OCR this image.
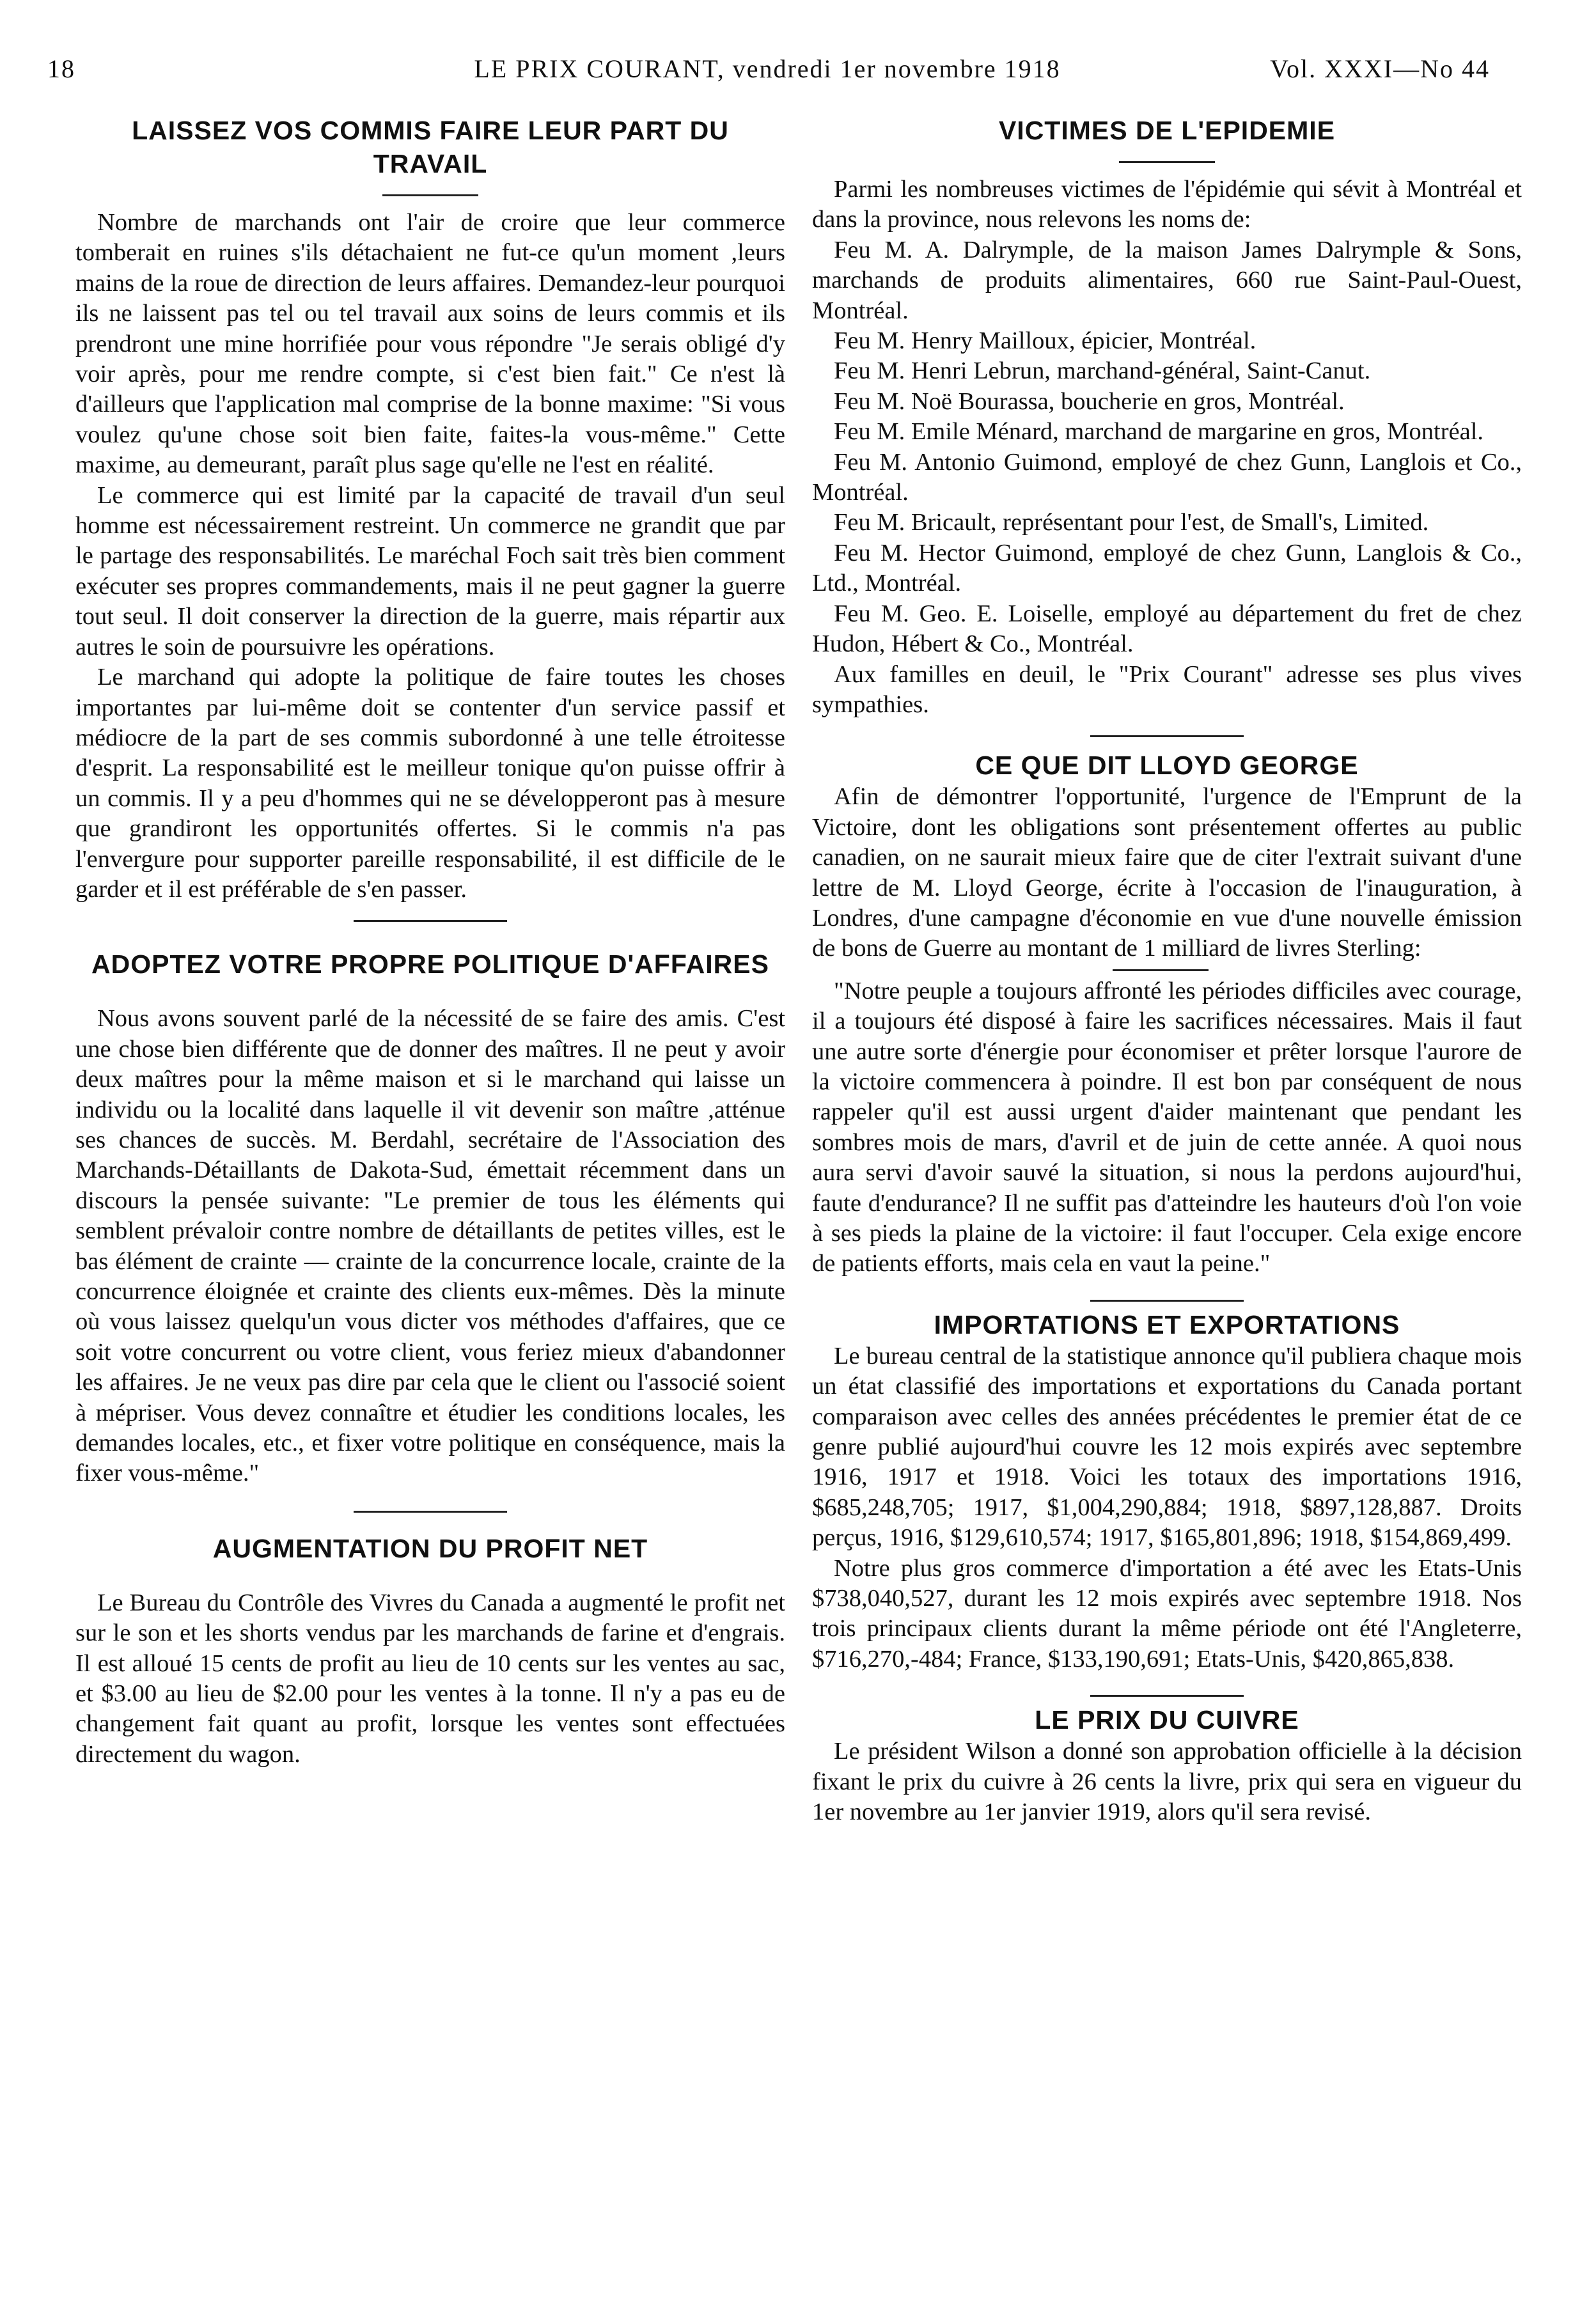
18	LE PRIX COURANT, vendredi 1er novembre 1918	Vol. XXXI—No 44
LAISSEZ VOS COMMIS FAIRE LEUR PART DU TRAVAIL

Nombre de marchands ont l'air de croire que leur commerce tomberait en ruines s'ils détachaient ne fut-ce qu'un moment ,leurs mains de la roue de direction de leurs affaires. Demandez-leur pourquoi ils ne laissent pas tel ou tel travail aux soins de leurs commis et ils prendront une mine horrifiée pour vous répondre "Je serais obligé d'y voir après, pour me rendre compte, si c'est bien fait." Ce n'est là d'ailleurs que l'application mal comprise de la bonne maxime: "Si vous voulez qu'une chose soit bien faite, faites-la vous-même." Cette maxime, au demeurant, paraît plus sage qu'elle ne l'est en réalité.

Le commerce qui est limité par la capacité de travail d'un seul homme est nécessairement restreint. Un commerce ne grandit que par le partage des responsabilités. Le maréchal Foch sait très bien comment exécuter ses propres commandements, mais il ne peut gagner la guerre tout seul. Il doit conserver la direction de la guerre, mais répartir aux autres le soin de poursuivre les opérations.

Le marchand qui adopte la politique de faire toutes les choses importantes par lui-même doit se contenter d'un service passif et médiocre de la part de ses commis subordonné à une telle étroitesse d'esprit. La responsabilité est le meilleur tonique qu'on puisse offrir à un commis. Il y a peu d'hommes qui ne se développeront pas à mesure que grandiront les opportunités offertes. Si le commis n'a pas l'envergure pour supporter pareille responsabilité, il est difficile de le garder et il est préférable de s'en passer.

ADOPTEZ VOTRE PROPRE POLITIQUE D'AFFAIRES

Nous avons souvent parlé de la nécessité de se faire des amis. C'est une chose bien différente que de donner des maîtres. Il ne peut y avoir deux maîtres pour la même maison et si le marchand qui laisse un individu ou la localité dans laquelle il vit devenir son maître ,atténue ses chances de succès. M. Berdahl, secrétaire de l'Association des Marchands-Détaillants de Dakota-Sud, émettait récemment dans un discours la pensée suivante: "Le premier de tous les éléments qui semblent prévaloir contre nombre de détaillants de petites villes, est le bas élément de crainte — crainte de la concurrence locale, crainte de la concurrence éloignée et crainte des clients eux-mêmes. Dès la minute où vous laissez quelqu'un vous dicter vos méthodes d'affaires, que ce soit votre concurrent ou votre client, vous feriez mieux d'abandonner les affaires. Je ne veux pas dire par cela que le client ou l'associé soient à mépriser. Vous devez connaître et étudier les conditions locales, les demandes locales, etc., et fixer votre politique en conséquence, mais la fixer vous-même."

AUGMENTATION DU PROFIT NET

Le Bureau du Contrôle des Vivres du Canada a augmenté le profit net sur le son et les shorts vendus par les marchands de farine et d'engrais. Il est alloué 15 cents de profit au lieu de 10 cents sur les ventes au sac, et $3.00 au lieu de $2.00 pour les ventes à la tonne. Il n'y a pas eu de changement fait quant au profit, lorsque les ventes sont effectuées directement du wagon.

VICTIMES DE L'EPIDEMIE

Parmi les nombreuses victimes de l'épidémie qui sévit à Montréal et dans la province, nous relevons les noms de:

Feu M. A. Dalrymple, de la maison James Dalrymple & Sons, marchands de produits alimentaires, 660 rue Saint-Paul-Ouest, Montréal.

Feu M. Henry Mailloux, épicier, Montréal.

Feu M. Henri Lebrun, marchand-général, Saint-Canut.

Feu M. Noë Bourassa, boucherie en gros, Montréal.

Feu M. Emile Ménard, marchand de margarine en gros, Montréal.

Feu M. Antonio Guimond, employé de chez Gunn, Langlois et Co., Montréal.

Feu M. Bricault, représentant pour l'est, de Small's, Limited.

Feu M. Hector Guimond, employé de chez Gunn, Langlois & Co., Ltd., Montréal.

Feu M. Geo. E. Loiselle, employé au département du fret de chez Hudon, Hébert & Co., Montréal.

Aux familles en deuil, le "Prix Courant" adresse ses plus vives sympathies.

CE QUE DIT LLOYD GEORGE

Afin de démontrer l'opportunité, l'urgence de l'Emprunt de la Victoire, dont les obligations sont présentement offertes au public canadien, on ne saurait mieux faire que de citer l'extrait suivant d'une lettre de M. Lloyd George, écrite à l'occasion de l'inauguration, à Londres, d'une campagne d'économie en vue d'une nouvelle émission de bons de Guerre au montant de 1 milliard de livres Sterling:

"Notre peuple a toujours affronté les périodes difficiles avec courage, il a toujours été disposé à faire les sacrifices nécessaires. Mais il faut une autre sorte d'énergie pour économiser et prêter lorsque l'aurore de la victoire commencera à poindre. Il est bon par conséquent de nous rappeler qu'il est aussi urgent d'aider maintenant que pendant les sombres mois de mars, d'avril et de juin de cette année. A quoi nous aura servi d'avoir sauvé la situation, si nous la perdons aujourd'hui, faute d'endurance? Il ne suffit pas d'atteindre les hauteurs d'où l'on voie à ses pieds la plaine de la victoire: il faut l'occuper. Cela exige encore de patients efforts, mais cela en vaut la peine."

IMPORTATIONS ET EXPORTATIONS

Le bureau central de la statistique annonce qu'il publiera chaque mois un état classifié des importations et exportations du Canada portant comparaison avec celles des années précédentes le premier état de ce genre publié aujourd'hui couvre les 12 mois expirés avec septembre 1916, 1917 et 1918. Voici les totaux des importations 1916, $685,248,705; 1917, $1,004,290,884; 1918, $897,128,887. Droits perçus, 1916, $129,610,574; 1917, $165,801,896; 1918, $154,869,499.

Notre plus gros commerce d'importation a été avec les Etats-Unis $738,040,527, durant les 12 mois expirés avec septembre 1918. Nos trois principaux clients durant la même période ont été l'Angleterre, $716,270,-484; France, $133,190,691; Etats-Unis, $420,865,838.

LE PRIX DU CUIVRE

Le président Wilson a donné son approbation officielle à la décision fixant le prix du cuivre à 26 cents la livre, prix qui sera en vigueur du 1er novembre au 1er janvier 1919, alors qu'il sera revisé.
